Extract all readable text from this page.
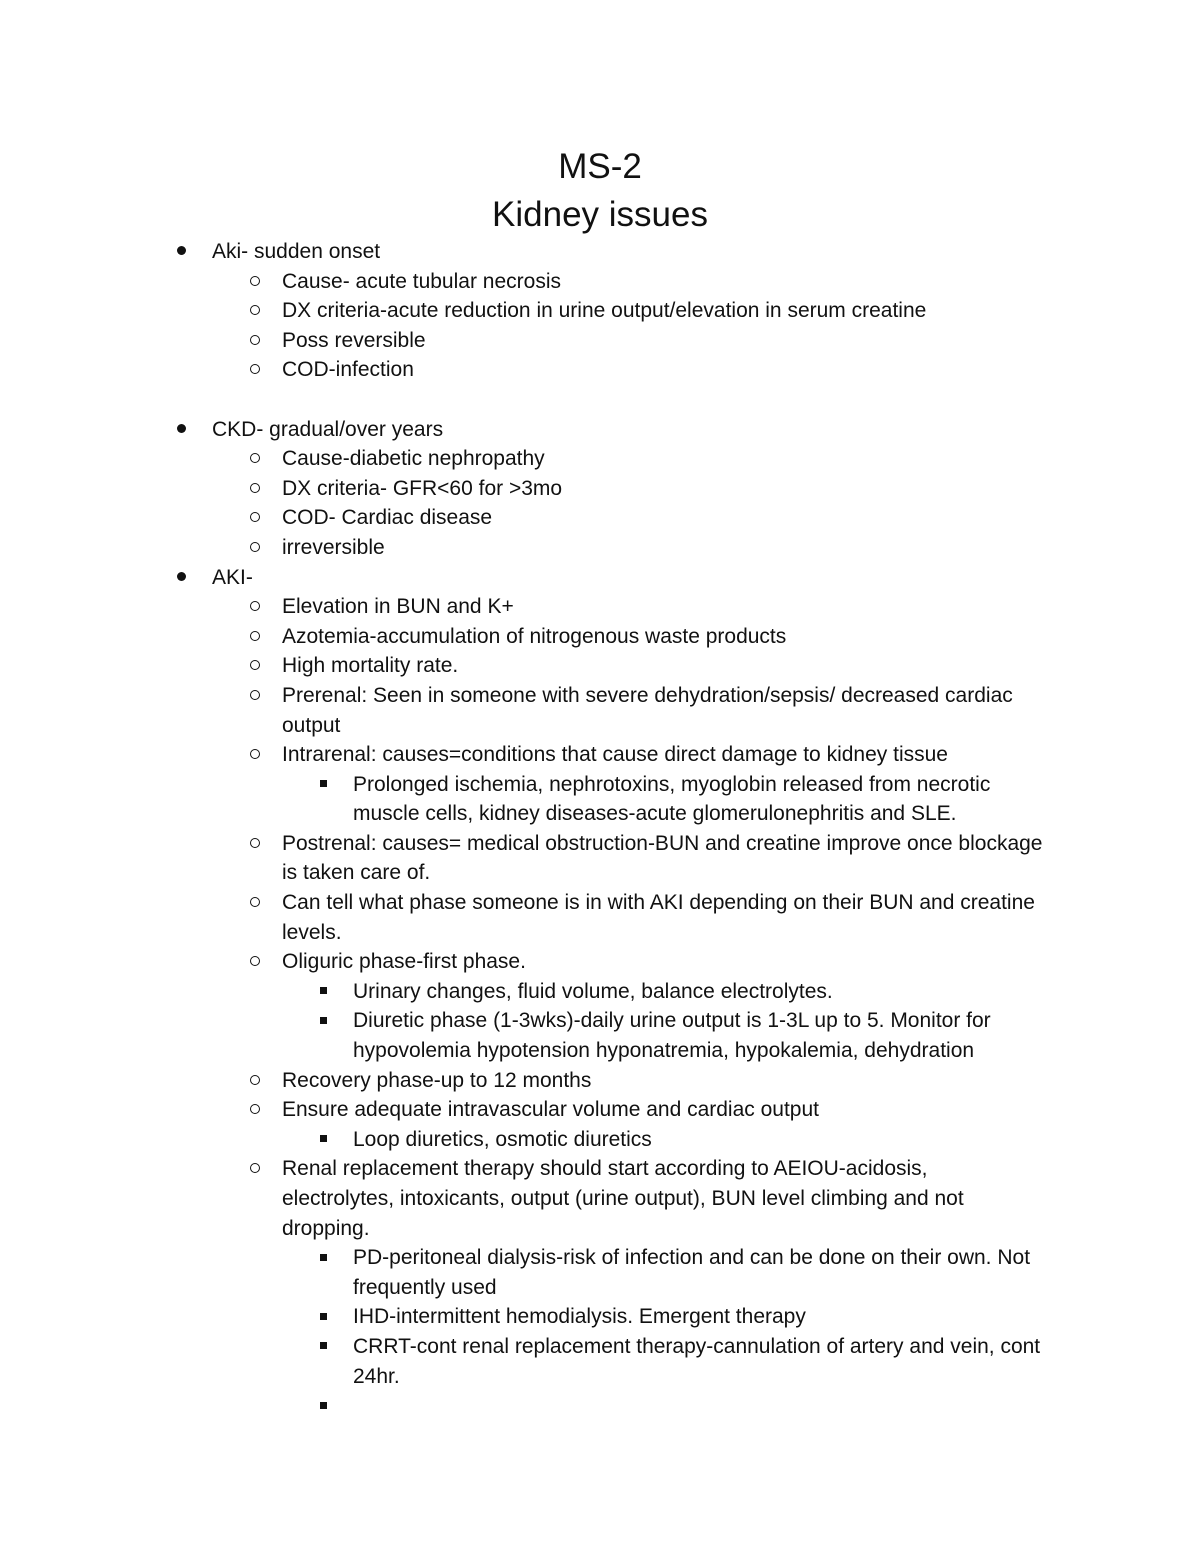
MS-2
Kidney issues
Aki- sudden onset
Cause- acute tubular necrosis
DX criteria-acute reduction in urine output/elevation in serum creatine
Poss reversible
COD-infection
CKD- gradual/over years
Cause-diabetic nephropathy
DX criteria- GFR<60 for >3mo
COD- Cardiac disease
irreversible
AKI-
Elevation in BUN and K+
Azotemia-accumulation of nitrogenous waste products
High mortality rate.
Prerenal: Seen in someone with severe dehydration/sepsis/ decreased cardiac
output
Intrarenal: causes=conditions that cause direct damage to kidney tissue
Prolonged ischemia, nephrotoxins, myoglobin released from necrotic
muscle cells, kidney diseases-acute glomerulonephritis and SLE.
Postrenal: causes= medical obstruction-BUN and creatine improve once blockage
is taken care of.
Can tell what phase someone is in with AKI depending on their BUN and creatine
levels.
Oliguric phase-first phase.
Urinary changes, fluid volume, balance electrolytes.
Diuretic phase (1-3wks)-daily urine output is 1-3L up to 5. Monitor for
hypovolemia hypotension hyponatremia, hypokalemia, dehydration
Recovery phase-up to 12 months
Ensure adequate intravascular volume and cardiac output
Loop diuretics, osmotic diuretics
Renal replacement therapy should start according to AEIOU-acidosis,
electrolytes, intoxicants, output (urine output), BUN level climbing and not
dropping.
PD-peritoneal dialysis-risk of infection and can be done on their own. Not
frequently used
IHD-intermittent hemodialysis. Emergent therapy
CRRT-cont renal replacement therapy-cannulation of artery and vein, cont
24hr.
